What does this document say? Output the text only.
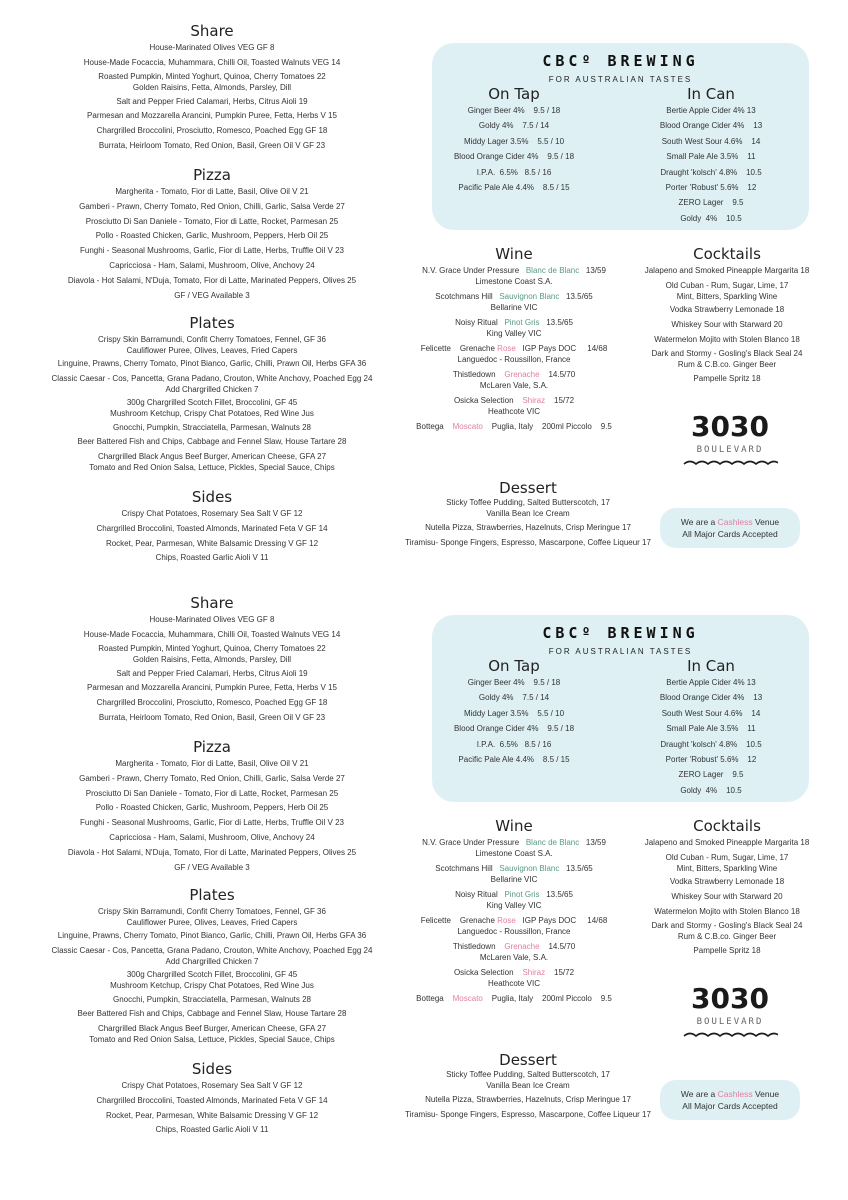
Share
House-Marinated Olives VEG GF 8
House-Made Focaccia, Muhammara, Chilli Oil, Toasted Walnuts VEG 14
Roasted Pumpkin, Minted Yoghurt, Quinoa, Cherry Tomatoes 22
Golden Raisins, Fetta, Almonds, Parsley, Dill
Salt and Pepper Fried Calamari, Herbs, Citrus Aioli 19
Parmesan and Mozzarella Arancini, Pumpkin Puree, Fetta, Herbs V 15
Chargrilled Broccolini, Prosciutto, Romesco, Poached Egg GF 18
Burrata, Heirloom Tomato, Red Onion, Basil, Green Oil V GF 23
Pizza
Margherita - Tomato, Fior di Latte, Basil, Olive Oil V 21
Gamberi - Prawn, Cherry Tomato, Red Onion, Chilli, Garlic, Salsa Verde 27
Prosciutto Di San Daniele - Tomato, Fior di Latte, Rocket, Parmesan 25
Pollo - Roasted Chicken, Garlic, Mushroom, Peppers, Herb Oil 25
Funghi - Seasonal Mushrooms, Garlic, Fior di Latte, Herbs, Truffle Oil V 23
Capricciosa - Ham, Salami, Mushroom, Olive, Anchovy 24
Diavola - Hot Salami, N'Duja, Tomato, Fior di Latte, Marinated Peppers, Olives 25
GF / VEG Available 3
Plates
Crispy Skin Barramundi, Confit Cherry Tomatoes, Fennel, GF 36
Cauliflower Puree, Olives, Leaves, Fried Capers
Linguine, Prawns, Cherry Tomato, Pinot Bianco, Garlic, Chilli, Prawn Oil, Herbs GFA 36
Classic Caesar - Cos, Pancetta, Grana Padano, Crouton, White Anchovy, Poached Egg 24
Add Chargrilled Chicken 7
300g Chargrilled Scotch Fillet, Broccolini, GF 45
Mushroom Ketchup, Crispy Chat Potatoes, Red Wine Jus
Gnocchi, Pumpkin, Stracciatella, Parmesan, Walnuts 28
Beer Battered Fish and Chips, Cabbage and Fennel Slaw, House Tartare 28
Chargrilled Black Angus Beef Burger, American Cheese, GFA 27
Tomato and Red Onion Salsa, Lettuce, Pickles, Special Sauce, Chips
Sides
Crispy Chat Potatoes, Rosemary Sea Salt V GF 12
Chargrilled Broccolini, Toasted Almonds, Marinated Feta V GF 14
Rocket, Pear, Parmesan, White Balsamic Dressing V GF 12
Chips, Roasted Garlic Aioli V 11
Cocktails
Jalapeno and Smoked Pineapple Margarita 18
Old Cuban - Rum, Sugar, Lime, 17
Mint, Bitters, Sparkling Wine
Vodka Strawberry Lemonade 18
Whiskey Sour with Starward 20
Watermelon Mojito with Stolen Blanco 18
Dark and Stormy - Gosling's Black Seal 24
Rum & C.B.co. Ginger Beer
Pampelle Spritz 18
Dessert
Sticky Toffee Pudding, Salted Butterscotch, 17
Vanilla Bean Ice Cream
Nutella Pizza, Strawberries, Hazelnuts, Crisp Meringue 17
Tiramisu- Sponge Fingers, Espresso, Mascarpone, Coffee Liqueur 17
Wine
N.V. Grace Under Pressure   Blanc de Blanc   13/59
Limestone Coast S.A.
Scotchmans Hill   Sauvignon Blanc   13.5/65
Bellarine VIC
Noisy Ritual   Pinot Gris   13.5/65
King Valley VIC
Felicette    Grenache Rose   IGP Pays DOC     14/68
Languedoc - Roussillon, France
Thistledown    Grenache    14.5/70
McLaren Vale, S.A.
Osicka Selection    Shiraz    15/72
Heathcote VIC
Bottega    Moscato    Puglia, Italy    200ml Piccolo    9.5
CBCº BREWING
FOR AUSTRALIAN TASTES
On Tap
Ginger Beer 4%    9.5 / 18
Goldy 4%    7.5 / 14
Middy Lager 3.5%    5.5 / 10
Blood Orange Cider 4%    9.5 / 18
I.P.A.  6.5%   8.5 / 16
Pacific Pale Ale 4.4%    8.5 / 15
In Can
Bertie Apple Cider 4% 13
Blood Orange Cider 4%    13
South West Sour 4.6%    14
Small Pale Ale 3.5%    11
Draught 'kolsch' 4.8%    10.5
Porter 'Robust' 5.6%    12
ZERO Lager    9.5
Goldy  4%    10.5
3030
BOULEVARD
We are a Cashless Venue
All Major Cards Accepted
Share
House-Marinated Olives VEG GF 8
House-Made Focaccia, Muhammara, Chilli Oil, Toasted Walnuts VEG 14
Roasted Pumpkin, Minted Yoghurt, Quinoa, Cherry Tomatoes 22
Golden Raisins, Fetta, Almonds, Parsley, Dill
Salt and Pepper Fried Calamari, Herbs, Citrus Aioli 19
Parmesan and Mozzarella Arancini, Pumpkin Puree, Fetta, Herbs V 15
Chargrilled Broccolini, Prosciutto, Romesco, Poached Egg GF 18
Burrata, Heirloom Tomato, Red Onion, Basil, Green Oil V GF 23
Pizza
Margherita - Tomato, Fior di Latte, Basil, Olive Oil V 21
Gamberi - Prawn, Cherry Tomato, Red Onion, Chilli, Garlic, Salsa Verde 27
Prosciutto Di San Daniele - Tomato, Fior di Latte, Rocket, Parmesan 25
Pollo - Roasted Chicken, Garlic, Mushroom, Peppers, Herb Oil 25
Funghi - Seasonal Mushrooms, Garlic, Fior di Latte, Herbs, Truffle Oil V 23
Capricciosa - Ham, Salami, Mushroom, Olive, Anchovy 24
Diavola - Hot Salami, N'Duja, Tomato, Fior di Latte, Marinated Peppers, Olives 25
GF / VEG Available 3
Plates
Crispy Skin Barramundi, Confit Cherry Tomatoes, Fennel, GF 36
Cauliflower Puree, Olives, Leaves, Fried Capers
Linguine, Prawns, Cherry Tomato, Pinot Bianco, Garlic, Chilli, Prawn Oil, Herbs GFA 36
Classic Caesar - Cos, Pancetta, Grana Padano, Crouton, White Anchovy, Poached Egg 24
Add Chargrilled Chicken 7
300g Chargrilled Scotch Fillet, Broccolini, GF 45
Mushroom Ketchup, Crispy Chat Potatoes, Red Wine Jus
Gnocchi, Pumpkin, Stracciatella, Parmesan, Walnuts 28
Beer Battered Fish and Chips, Cabbage and Fennel Slaw, House Tartare 28
Chargrilled Black Angus Beef Burger, American Cheese, GFA 27
Tomato and Red Onion Salsa, Lettuce, Pickles, Special Sauce, Chips
Sides
Crispy Chat Potatoes, Rosemary Sea Salt V GF 12
Chargrilled Broccolini, Toasted Almonds, Marinated Feta V GF 14
Rocket, Pear, Parmesan, White Balsamic Dressing V GF 12
Chips, Roasted Garlic Aioli V 11
Cocktails
Jalapeno and Smoked Pineapple Margarita 18
Old Cuban - Rum, Sugar, Lime, 17
Mint, Bitters, Sparkling Wine
Vodka Strawberry Lemonade 18
Whiskey Sour with Starward 20
Watermelon Mojito with Stolen Blanco 18
Dark and Stormy - Gosling's Black Seal 24
Rum & C.B.co. Ginger Beer
Pampelle Spritz 18
Dessert
Sticky Toffee Pudding, Salted Butterscotch, 17
Vanilla Bean Ice Cream
Nutella Pizza, Strawberries, Hazelnuts, Crisp Meringue 17
Tiramisu- Sponge Fingers, Espresso, Mascarpone, Coffee Liqueur 17
Wine
N.V. Grace Under Pressure   Blanc de Blanc   13/59
Limestone Coast S.A.
Scotchmans Hill   Sauvignon Blanc   13.5/65
Bellarine VIC
Noisy Ritual   Pinot Gris   13.5/65
King Valley VIC
Felicette    Grenache Rose   IGP Pays DOC     14/68
Languedoc - Roussillon, France
Thistledown    Grenache    14.5/70
McLaren Vale, S.A.
Osicka Selection    Shiraz    15/72
Heathcote VIC
Bottega    Moscato    Puglia, Italy    200ml Piccolo    9.5
CBCº BREWING
FOR AUSTRALIAN TASTES
On Tap
Ginger Beer 4%    9.5 / 18
Goldy 4%    7.5 / 14
Middy Lager 3.5%    5.5 / 10
Blood Orange Cider 4%    9.5 / 18
I.P.A.  6.5%   8.5 / 16
Pacific Pale Ale 4.4%    8.5 / 15
In Can
Bertie Apple Cider 4% 13
Blood Orange Cider 4%    13
South West Sour 4.6%    14
Small Pale Ale 3.5%    11
Draught 'kolsch' 4.8%    10.5
Porter 'Robust' 5.6%    12
ZERO Lager    9.5
Goldy  4%    10.5
3030
BOULEVARD
We are a Cashless Venue
All Major Cards Accepted
